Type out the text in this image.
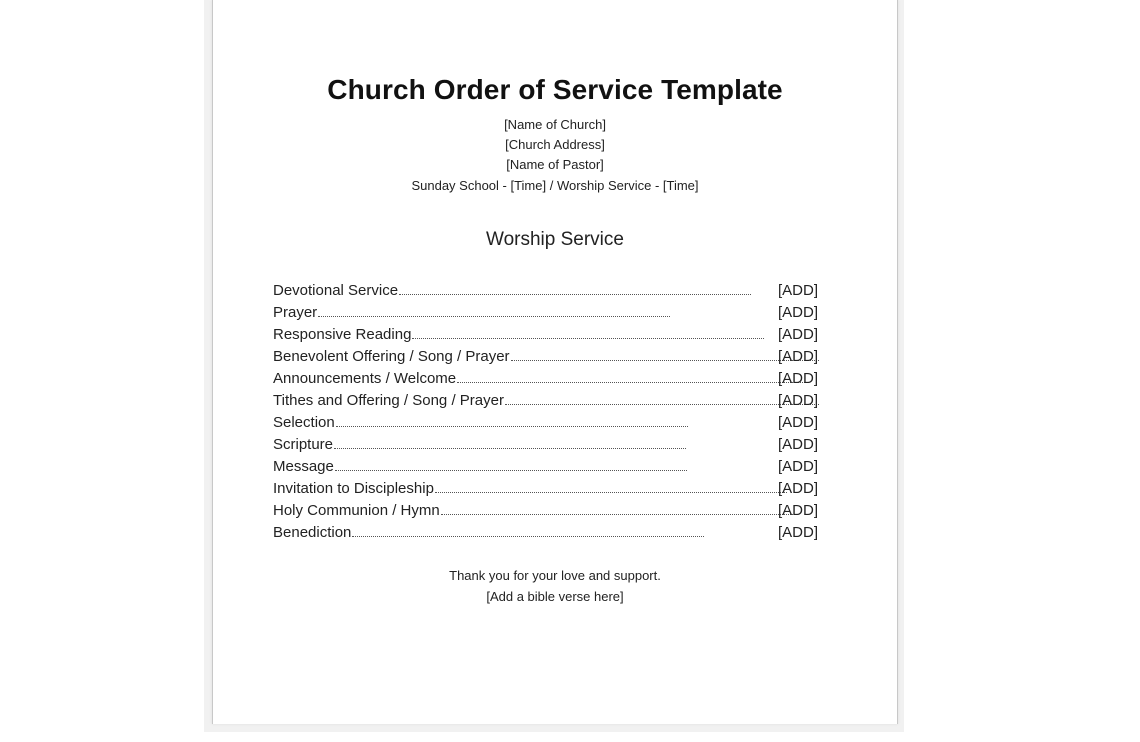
Church Order of Service Template
[Name of Church]
[Church Address]
[Name of Pastor]
Sunday School - [Time] / Worship Service - [Time]
Worship Service
Devotional Service	[ADD]
Prayer	[ADD]
Responsive Reading	[ADD]
Benevolent Offering / Song / Prayer	[ADD]
Announcements / Welcome	[ADD]
Tithes and Offering / Song / Prayer	[ADD]
Selection	[ADD]
Scripture	[ADD]
Message	[ADD]
Invitation to Discipleship	[ADD]
Holy Communion / Hymn	[ADD]
Benediction	[ADD]
Thank you for your love and support.
[Add a bible verse here]
